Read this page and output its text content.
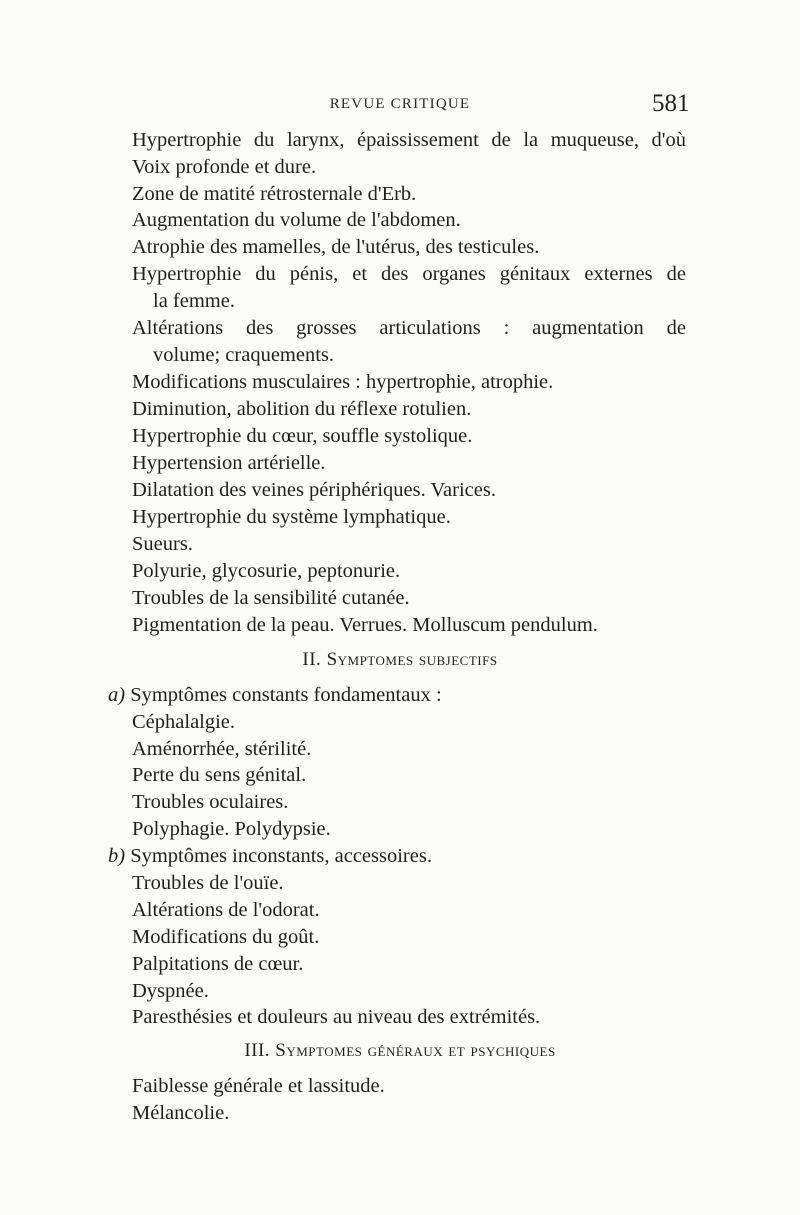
REVUE CRITIQUE	581
Hypertrophie du larynx, épaississement de la muqueuse, d'où
Voix profonde et dure.
Zone de matité rétrosternale d'Erb.
Augmentation du volume de l'abdomen.
Atrophie des mamelles, de l'utérus, des testicules.
Hypertrophie du pénis, et des organes génitaux externes de
la femme.
Altérations des grosses articulations : augmentation de
volume; craquements.
Modifications musculaires : hypertrophie, atrophie.
Diminution, abolition du réflexe rotulien.
Hypertrophie du cœur, souffle systolique.
Hypertension artérielle.
Dilatation des veines périphériques. Varices.
Hypertrophie du système lymphatique.
Sueurs.
Polyurie, glycosurie, peptonurie.
Troubles de la sensibilité cutanée.
Pigmentation de la peau. Verrues. Molluscum pendulum.
II. Symptomes subjectifs
a) Symptômes constants fondamentaux :
Céphalalgie.
Aménorrhée, stérilité.
Perte du sens génital.
Troubles oculaires.
Polyphagie. Polydypsie.
b) Symptômes inconstants, accessoires.
Troubles de l'ouïe.
Altérations de l'odorat.
Modifications du goût.
Palpitations de cœur.
Dyspnée.
Paresthésies et douleurs au niveau des extrémités.
III. Symptomes généraux et psychiques
Faiblesse générale et lassitude.
Mélancolie.
